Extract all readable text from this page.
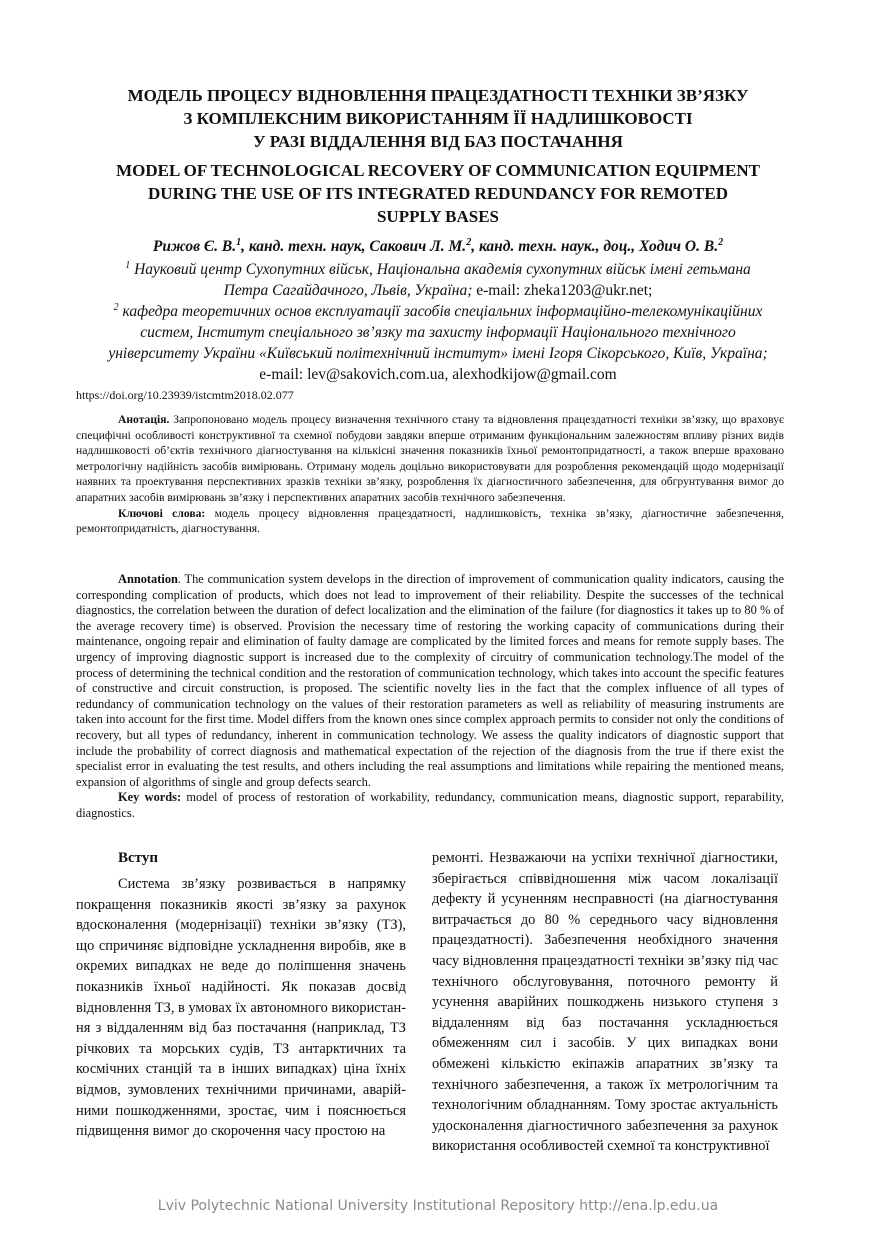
МОДЕЛЬ ПРОЦЕСУ ВІДНОВЛЕННЯ ПРАЦЕЗДАТНОСТІ ТЕХНІКИ ЗВ’ЯЗКУ
З КОМПЛЕКСНИМ ВИКОРИСТАННЯМ ЇЇ НАДЛИШКОВОСТІ
У РАЗІ ВІДДАЛЕННЯ ВІД БАЗ ПОСТАЧАННЯ
MODEL OF TECHNOLOGICAL RECOVERY OF COMMUNICATION EQUIPMENT
DURING THE USE OF ITS INTEGRATED REDUNDANCY FOR REMOTED
SUPPLY BASES
Рижов Є. В.$^1$, канд. техн. наук, Сакович Л. М.$^2$, канд. техн. наук., доц., Ходич О. В.$^2$
$^1$ Науковий центр Сухопутних військ, Національна академія сухопутних військ імені гетьмана
Петра Сагайдачного, Львів, Україна; e-mail: zheka1203@ukr.net;
$^2$ кафедра теоретичних основ експлуатації засобів спеціальних інформаційно-телекомунікаційних
систем, Інститут спеціального зв’язку та захисту інформації Національного технічного
університету України «Київський політехнічний інститут» імені Ігоря Сікорського, Київ, Україна;
e-mail: lev@sakovich.com.ua, alexhodkijow@gmail.com
https://doi.org/10.23939/istcmtm2018.02.077

Анотація. Запропоновано модель процесу визначення технічного стану та відновлення працездатності техніки зв’язку, що враховує специфічні особливості конструктивної та схемної побудови завдяки вперше отриманим функціональним залежностям впливу різних видів надлишковості об’єктів технічного діагностування на кількісні значення показників їхньої ремонтопридатності, а також вперше враховано метрологічну надійність засобів вимірювань. Отриману модель доцільно використовувати для розроблення рекомендацій щодо модернізації наявних та проектування перспективних зразків техніки зв’язку, розроблення їх діагностичного забезпечення, для обгрунтування вимог до апаратних засобів вимірювань зв’язку і перспективних апаратних засобів технічного забезпечення.

Ключові слова: модель процесу відновлення працездатності, надлишковість, техніка зв’язку, діагностичне забезпечення, ремонтопридатність, діагностування.

Annotation. The communication system develops in the direction of improvement of communication quality indicators, causing the corresponding complication of products, which does not lead to improvement of their reliability. Despite the successes of the technical diagnostics, the correlation between the duration of defect localization and the elimination of the failure (for diagnostics it takes up to 80 % of the average recovery time) is observed. Provision the necessary time of restoring the working capacity of communications during their maintenance, ongoing repair and elimination of faulty damage are complicated by the limited forces and means for remote supply bases. The urgency of improving diagnostic support is increased due to the complexity of circuitry of communication technology.The model of the process of determining the technical condition and the restoration of communication technology, which takes into account the specific features of constructive and circuit construction, is proposed. The scientific novelty lies in the fact that the complex influence of all types of redundancy of communication technology on the values of their restoration parameters as well as reliability of measuring instruments are taken into account for the first time. Model differs from the known ones since complex approach permits to consider not only the conditions of recovery, but all types of redundancy, inherent in communication technology. We assess the quality indicators of diagnostic support that include the probability of correct diagnosis and mathematical expectation of the rejection of the diagnosis from the true if there exist the specialist error in evaluating the test results, and others including the real assumptions and limitations while repairing the mentioned means, expansion of algorithms of single and group defects search.

Key words: model of process of restoration of workability, redundancy, communication means, diagnostic support, reparability, diagnostics.

Вступ

Система зв’язку розвивається в напрямку покращення показників якості зв’язку за рахунок вдосконалення (модернізації) техніки зв’язку (ТЗ), що спричиняє відповідне ускладнення виробів, яке в окремих випадках не веде до поліпшення значень показників їхньої надійності. Як показав досвід відновлення ТЗ, в умовах їх автономного використан-ня з віддаленням від баз постачання (наприклад, ТЗ річкових та морських судів, ТЗ антарктичних та космічних станцій та в інших випадках) ціна їхніх відмов, зумовлених технічними причинами, аварій-ними пошкодженнями, зростає, чим і пояснюється підвищення вимог до скорочення часу простою на

ремонті. Незважаючи на успіхи технічної діагностики, зберігається співвідношення між часом локалізації дефекту й усуненням несправності (на діагностування витрачається до 80 % середнього часу відновлення працездатності). Забезпечення необхідного значення часу відновлення працездатності техніки зв’язку під час технічного обслуговування, поточного ремонту й усунення аварійних пошкоджень низького ступеня з віддаленням від баз постачання ускладнюється обмеженням сил і засобів. У цих випадках вони обмежені кількістю екіпажів апаратних зв’язку та технічного забезпечення, а також їх метрологічним та технологічним обладнанням. Тому зростає актуальність удосконалення діагностичного забезпечення за рахунок використання особливостей схемної та конструктивної

Lviv Polytechnic National University Institutional Repository http://ena.lp.edu.ua
